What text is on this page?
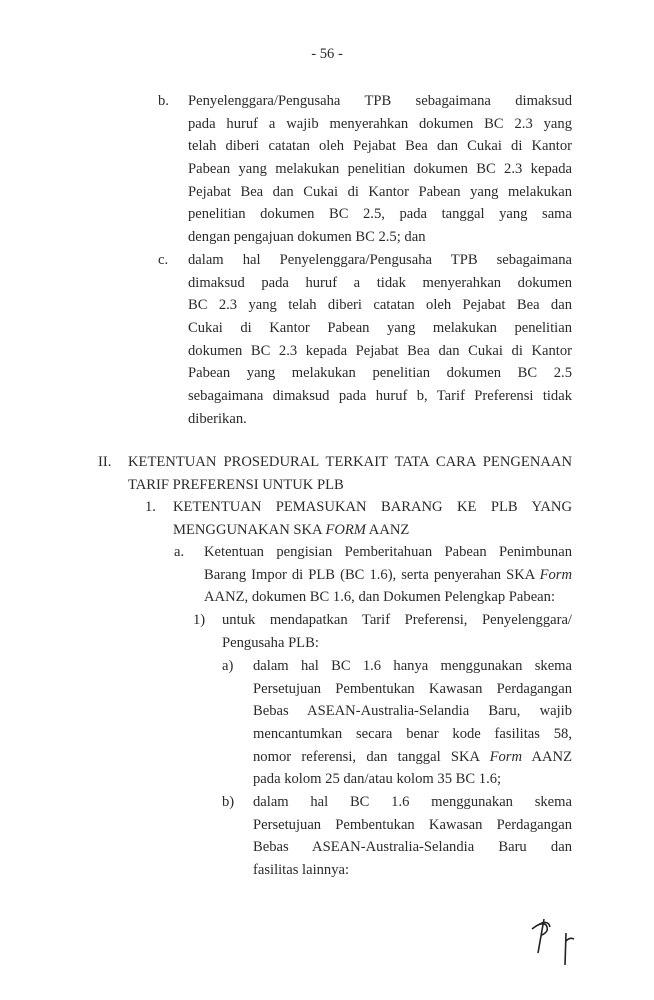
- 56 -
b. Penyelenggara/Pengusaha TPB sebagaimana dimaksud
pada huruf a wajib menyerahkan dokumen BC 2.3 yang
telah diberi catatan oleh Pejabat Bea dan Cukai di Kantor
Pabean yang melakukan penelitian dokumen BC 2.3 kepada
Pejabat Bea dan Cukai di Kantor Pabean yang melakukan
penelitian dokumen BC 2.5, pada tanggal yang sama
dengan pengajuan dokumen BC 2.5; dan
c. dalam hal Penyelenggara/Pengusaha TPB sebagaimana
dimaksud pada huruf a tidak menyerahkan dokumen
BC 2.3 yang telah diberi catatan oleh Pejabat Bea dan
Cukai di Kantor Pabean yang melakukan penelitian
dokumen BC 2.3 kepada Pejabat Bea dan Cukai di Kantor
Pabean yang melakukan penelitian dokumen BC 2.5
sebagaimana dimaksud pada huruf b, Tarif Preferensi tidak
diberikan.
II. KETENTUAN PROSEDURAL TERKAIT TATA CARA PENGENAAN
TARIF PREFERENSI UNTUK PLB
1. KETENTUAN PEMASUKAN BARANG KE PLB YANG
MENGGUNAKAN SKA FORM AANZ
a. Ketentuan pengisian Pemberitahuan Pabean Penimbunan
Barang Impor di PLB (BC 1.6), serta penyerahan SKA Form
AANZ, dokumen BC 1.6, dan Dokumen Pelengkap Pabean:
1) untuk mendapatkan Tarif Preferensi, Penyelenggara/
Pengusaha PLB:
a) dalam hal BC 1.6 hanya menggunakan skema
Persetujuan Pembentukan Kawasan Perdagangan
Bebas ASEAN-Australia-Selandia Baru, wajib
mencantumkan secara benar kode fasilitas 58,
nomor referensi, dan tanggal SKA Form AANZ
pada kolom 25 dan/atau kolom 35 BC 1.6;
b) dalam hal BC 1.6 menggunakan skema
Persetujuan Pembentukan Kawasan Perdagangan
Bebas ASEAN-Australia-Selandia Baru dan
fasilitas lainnya:
